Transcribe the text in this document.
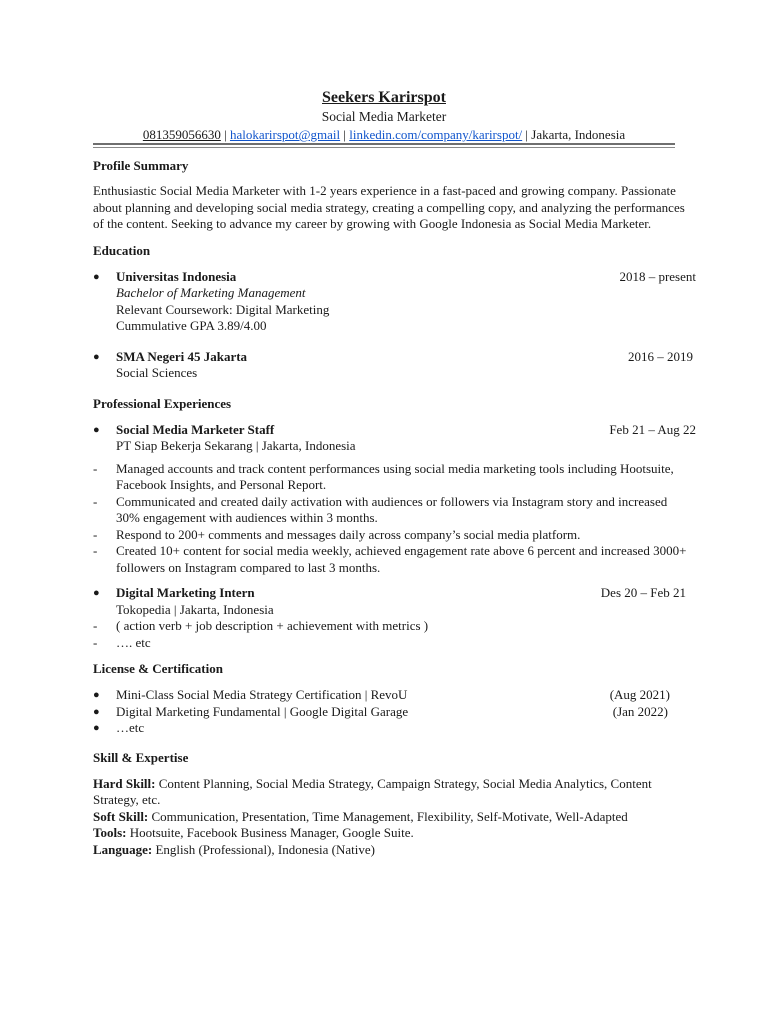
Seekers Karirspot
Social Media Marketer
081359056630 | halokarirspot@gmail | linkedin.com/company/karirspot/ | Jakarta, Indonesia
Profile Summary

Enthusiastic Social Media Marketer with 1-2 years experience in a fast-paced and growing company. Passionate about planning and developing social media strategy, creating a compelling copy, and analyzing the performances of the content. Seeking to advance my career by growing with Google Indonesia as Social Media Marketer.

Education
● Universitas Indonesia	2018 – present
Bachelor of Marketing Management
Relevant Coursework: Digital Marketing
Cummulative GPA 3.89/4.00
● SMA Negeri 45 Jakarta	2016 – 2019
Social Sciences
Professional Experiences
● Social Media Marketer Staff	Feb 21 – Aug 22
PT Siap Bekerja Sekarang | Jakarta, Indonesia
- Managed accounts and track content performances using social media marketing tools including Hootsuite, Facebook Insights, and Personal Report.
- Communicated and created daily activation with audiences or followers via Instagram story and increased 30% engagement with audiences within 3 months.
- Respond to 200+ comments and messages daily across company’s social media platform.
- Created 10+ content for social media weekly, achieved engagement rate above 6 percent and increased 3000+ followers on Instagram compared to last 3 months.
● Digital Marketing Intern	Des 20 – Feb 21
Tokopedia | Jakarta, Indonesia
- ( action verb + job description + achievement with metrics )
- …. etc
License & Certification
● Mini-Class Social Media Strategy Certification | RevoU	(Aug 2021)
● Digital Marketing Fundamental | Google Digital Garage	(Jan 2022)
● …etc
Skill & Expertise
Hard Skill: Content Planning, Social Media Strategy, Campaign Strategy, Social Media Analytics, Content Strategy, etc.
Soft Skill: Communication, Presentation, Time Management, Flexibility, Self-Motivate, Well-Adapted
Tools: Hootsuite, Facebook Business Manager, Google Suite.
Language: English (Professional), Indonesia (Native)
